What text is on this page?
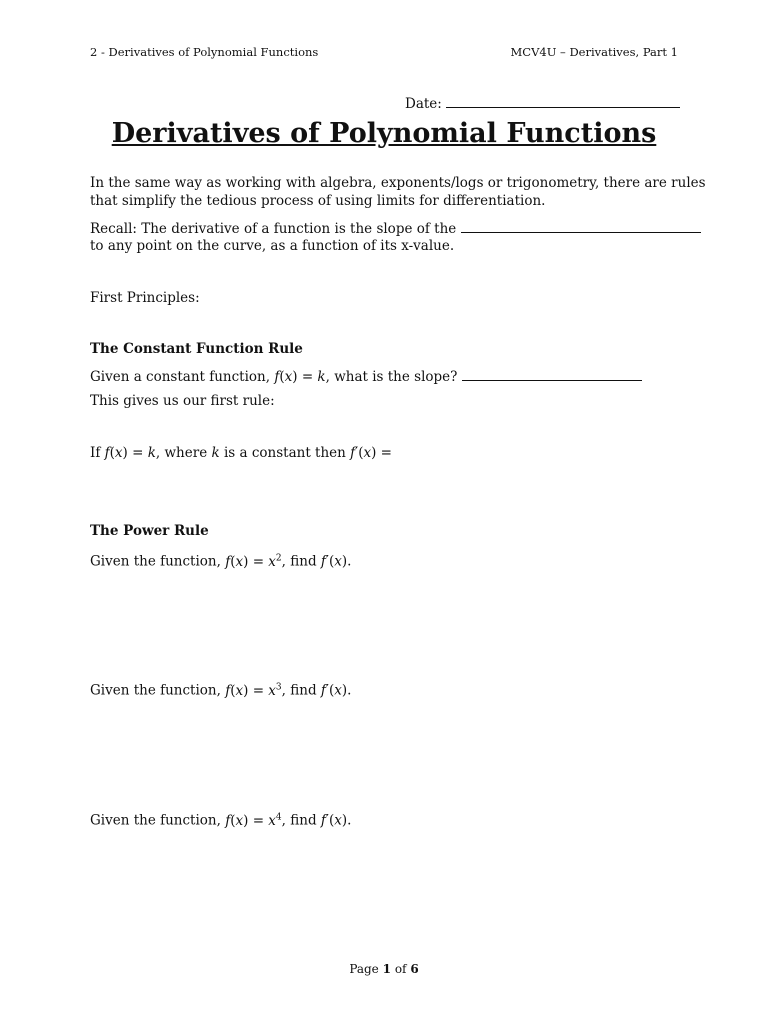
2 - Derivatives of Polynomial Functions	MCV4U – Derivatives, Part 1
Date:
Derivatives of Polynomial Functions
In the same way as working with algebra, exponents/logs or trigonometry, there are rules
that simplify the tedious process of using limits for differentiation.
Recall: The derivative of a function is the slope of the
to any point on the curve, as a function of its x-value.
First Principles:
The Constant Function Rule
Given a constant function, f(x) = k, what is the slope?
This gives us our first rule:
If f(x) = k, where k is a constant then f′(x) =
The Power Rule
Given the function, $f(x) = x^2$, find f′(x).
Given the function, $f(x) = x^3$, find f′(x).
Given the function, $f(x) = x^4$, find f′(x).
Page 1 of 6
